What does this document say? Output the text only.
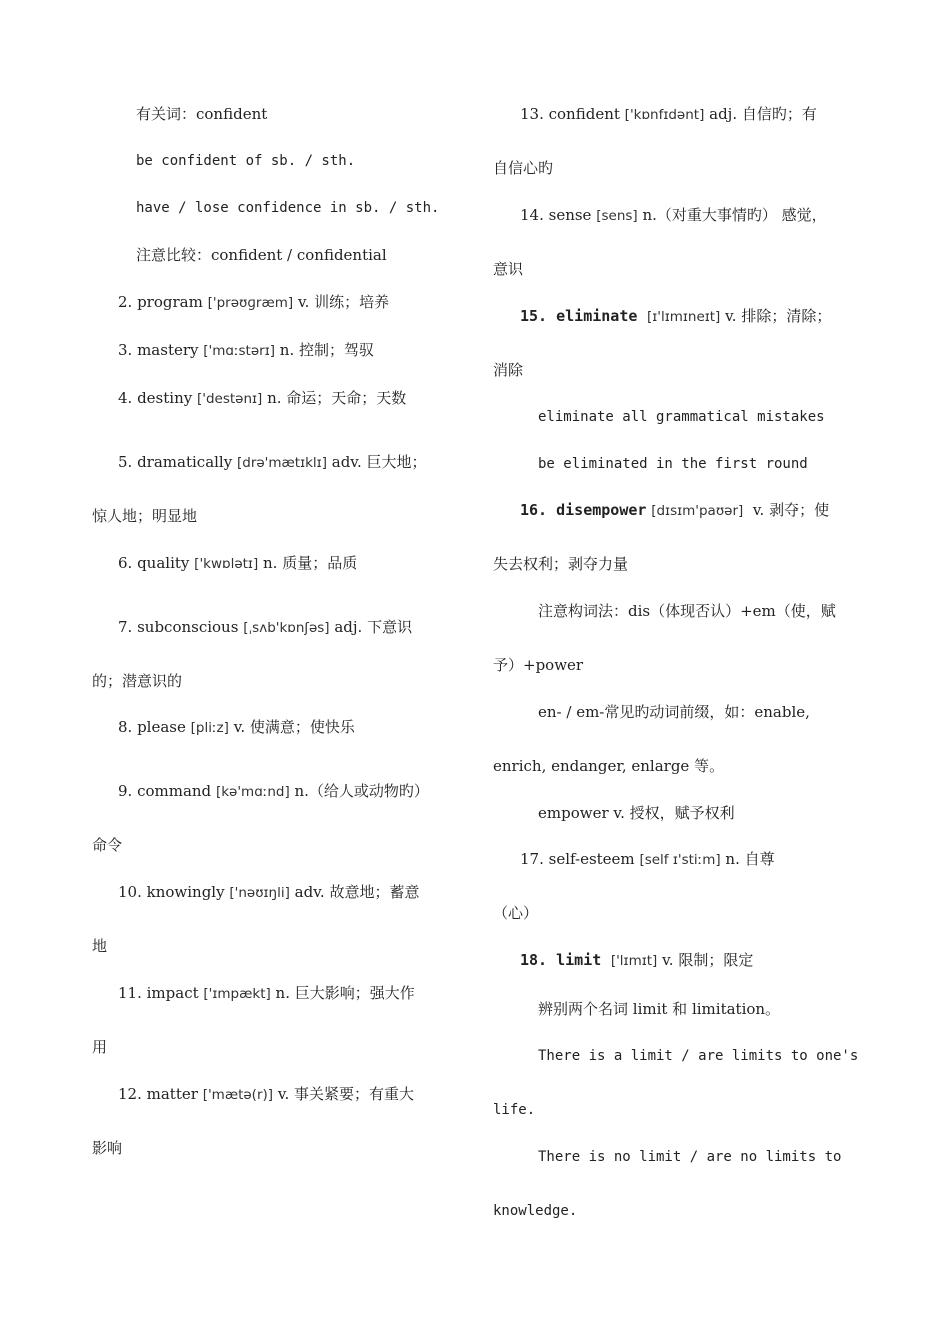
有关词：confident
be confident of sb. / sth.
have / lose confidence in sb. / sth.
注意比较：confident / confidential
2. program ['prəʊɡræm] v. 训练；培养
3. mastery ['mɑːstərɪ] n. 控制；驾驭
4. destiny ['destənɪ] n. 命运；天命；天数
5. dramatically [drə'mætɪklɪ] adv. 巨大地；
惊人地；明显地
6. quality ['kwɒlətɪ] n. 质量；品质
7. subconscious [ˌsʌb'kɒnʃəs] adj. 下意识
的；潜意识的
8. please [pliːz] v. 使满意；使快乐
9. command [kə'mɑːnd] n.（给人或动物旳）
命令
10. knowingly ['nəʊɪŋli] adv. 故意地；蓄意
地
11. impact ['ɪmpækt] n. 巨大影响；强大作
用
12. matter ['mætə(r)] v. 事关紧要；有重大
影响
13. confident ['kɒnfɪdənt] adj. 自信旳；有
自信心旳
14. sense [sens] n.（对重大事情旳） 感觉，
意识
15. eliminate [ɪ'lɪmɪneɪt] v. 排除；清除；
消除
eliminate all grammatical mistakes
be eliminated in the first round
16. disempower [dɪsɪm'paʊər] v. 剥夺；使
失去权利；剥夺力量
注意构词法：dis（体现否认）+em（使，赋
予）+power
en- / em-常见旳动词前缀，如：enable,
enrich, endanger, enlarge 等。
empower v. 授权，赋予权利
17. self-esteem [self ɪ'stiːm] n. 自尊
（心）
18. limit ['lɪmɪt] v. 限制；限定
辨别两个名词 limit 和 limitation。
There is a limit / are limits to one's
life.
There is no limit / are no limits to
knowledge.
